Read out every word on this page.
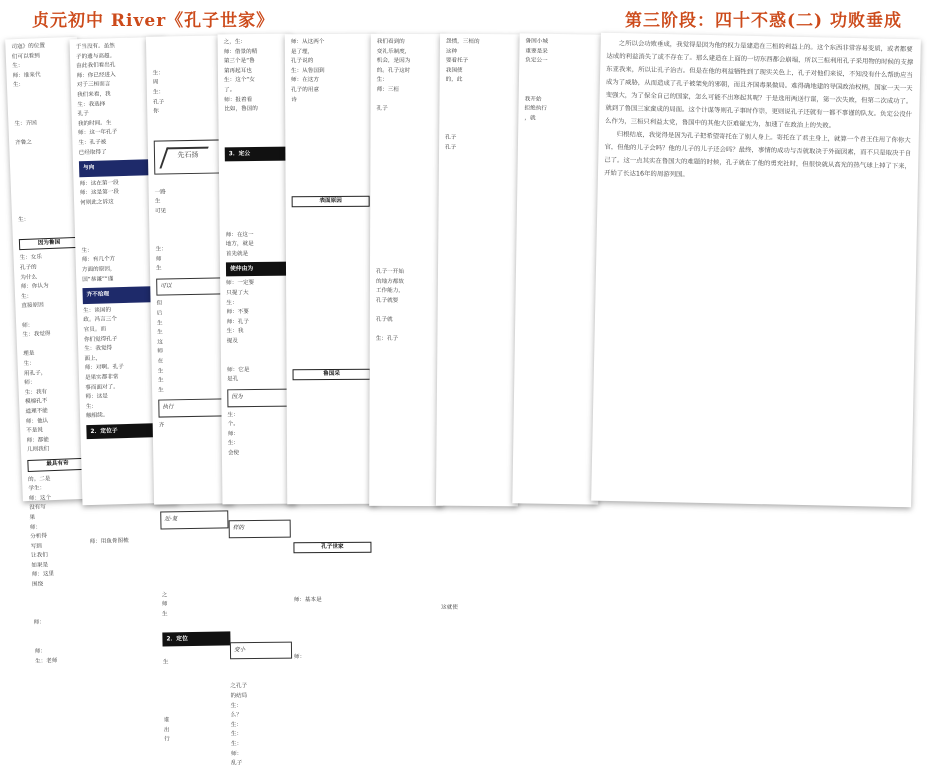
贞元初中 River《孔子世家》	第三阶段：四十不惑(二) 功败垂成
司寇》的位置
们可以看到
生：
师：谁来代
生：

生：齐国

齐鲁之

生：

因为鲁国
生：女乐
孔子的
为什么
师：你认为
生：
直接原因

师：
生：我觉得

理是
生：
用孔子，
师：
生：我有
模棉孔不
道理不能
师：他认
不是说
师：都能
几则我们
最具有奇
的。二是
学生：
师：这个
没有写
果
师：
分析得
写到
让我们
如果是
师：这里
围绕

师：

师：
生：老师
于当没有。虽然
子的遗与高超。
由此我们看出孔
师：你已经进入
对于三桓而言
我们来看，我
生：我选择
孔子
我的时间。生
师：这一年孔子
生：孔子被
已经取得了
与向
师：这在第一段
师：这是第一段
何则此之诉这

生：
师：有几个方
方面的原因，
国“恭谦”“谨
齐不给理
生：谈国的
政。冯言三个
官员。而
你们觉得孔子
生：我觉得
面上，
师：对啊。孔子
是果实都非常
事而面对了。
师：这是
生：
触相续。
2．定位子

师：用鱼骨图梳

生：
周
生：
孔子
你

先石扬

一路
生
可见

生：
师
生
可以
但
后
生
生
这
师
在
生
生
生
执行
齐

近-复

之
师
生

2．定位

生

谁
出
行
之，生：
师：借景的精
第三个是“鲁
第再起耳也
生：这个“女
了。
师：报着看
比如，鲁国的

3．定公

师：在这一
地方，就是
首先就是
使仲由为
师：一定要
只提了大
生：
师：不要
师：孔子
生：我
提及

师：它是
是孔
因为
生：
个。
师：
生：
会使

样的

变小

之孔子
的结局
生：
么？
生：
生：
生：
师：
乱子
师：从这两个
是了理，
孔子说的
生：从鲁国到
师：在这方
孔子的用意
诗

表面原因

鲁国采

孔子世家

师：基本是

师：

我们看到的
变礼乐制度，
机会，是因为
的。孔子这时
生：
师：三桓

孔子

孔子一开始
的地方都故
工作能力，
孔子就要

孔子就

生：孔子

怨愤，三桓的
这种
要看托子
我国使
的，此

孔子
孔子

这就使

鲁国小城
重要是采
负定公一

我开始
拒绝执行
，就

之所以会功败垂成，我觉得是因为他的权力是建造在三桓的利益上的。这个东西非常容易变质，或者都要达成的利益消失了或不存在了。那么建造在上面的一切东西都会崩塌，所以三桓利用孔子采用物的时候的支撑东亚我来，所以让孔子治吉。但是在他的利益牺牲到了现实关色上，孔子对他们来说，不知没有什么帮助应当成为了威胁，从而造成了孔子被架免的邪朝，而且齐国毒果做局。难得确地建的导国政治权柄，国家一天一天变强大，为了保全自己的国家，怎么可能不出寒起其呢？于是选用两送行谋，第一次失败，但第二次成功了。就到了鲁国三家蛮成的局面。这个计谋等则孔子事时作崇，更则说孔子还就有一都不事谨的队友。负定公没什么作为，三桓只利益太党，鲁国中的其他大臣难碰无为，加速了在政治上的失败。
归根结底，我觉得是因为孔子把希望寄托在了别人身上。寄托在了君主身上，就算一个君王住用了你你大官，但他的儿子会吗？他的儿子的儿子还会吗？最终，事情的成功与否就取决于外面因素，而不只是取决于自己了。这一点其实在鲁国大的难题的时候，孔子就在了他的勇充社时，但很快就从高光的热气球上掉了下来，开始了长达16年的周游列国。
